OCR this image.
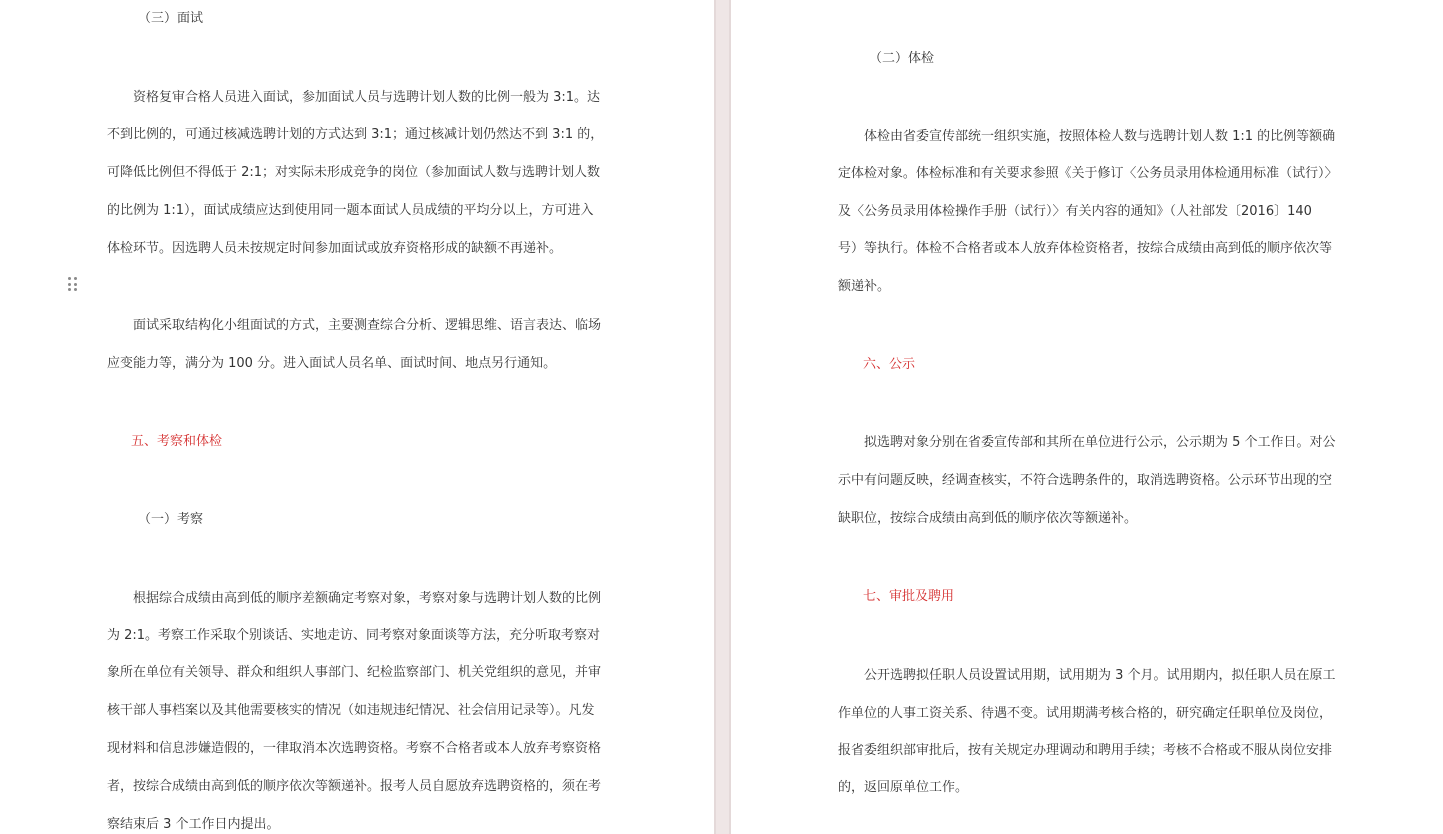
（三）面试
资格复审合格人员进入面试，参加面试人员与选聘计划人数的比例一般为 3:1。达
不到比例的，可通过核减选聘计划的方式达到 3:1；通过核减计划仍然达不到 3:1 的，
可降低比例但不得低于 2:1；对实际未形成竞争的岗位（参加面试人数与选聘计划人数
的比例为 1:1），面试成绩应达到使用同一题本面试人员成绩的平均分以上，方可进入
体检环节。因选聘人员未按规定时间参加面试或放弃资格形成的缺额不再递补。
面试采取结构化小组面试的方式，主要测查综合分析、逻辑思维、语言表达、临场
应变能力等，满分为 100 分。进入面试人员名单、面试时间、地点另行通知。
五、考察和体检
（一）考察
根据综合成绩由高到低的顺序差额确定考察对象，考察对象与选聘计划人数的比例
为 2:1。考察工作采取个别谈话、实地走访、同考察对象面谈等方法，充分听取考察对
象所在单位有关领导、群众和组织人事部门、纪检监察部门、机关党组织的意见，并审
核干部人事档案以及其他需要核实的情况（如违规违纪情况、社会信用记录等）。凡发
现材料和信息涉嫌造假的，一律取消本次选聘资格。考察不合格者或本人放弃考察资格
者，按综合成绩由高到低的顺序依次等额递补。报考人员自愿放弃选聘资格的，须在考
察结束后 3 个工作日内提出。
（二）体检
体检由省委宣传部统一组织实施，按照体检人数与选聘计划人数 1:1 的比例等额确
定体检对象。体检标准和有关要求参照《关于修订〈公务员录用体检通用标准（试行）〉
及〈公务员录用体检操作手册（试行）〉有关内容的通知》（人社部发〔2016〕140
号）等执行。体检不合格者或本人放弃体检资格者，按综合成绩由高到低的顺序依次等
额递补。
六、公示
拟选聘对象分别在省委宣传部和其所在单位进行公示，公示期为 5 个工作日。对公
示中有问题反映，经调查核实，不符合选聘条件的，取消选聘资格。公示环节出现的空
缺职位，按综合成绩由高到低的顺序依次等额递补。
七、审批及聘用
公开选聘拟任职人员设置试用期，试用期为 3 个月。试用期内，拟任职人员在原工
作单位的人事工资关系、待遇不变。试用期满考核合格的，研究确定任职单位及岗位，
报省委组织部审批后，按有关规定办理调动和聘用手续；考核不合格或不服从岗位安排
的，返回原单位工作。
